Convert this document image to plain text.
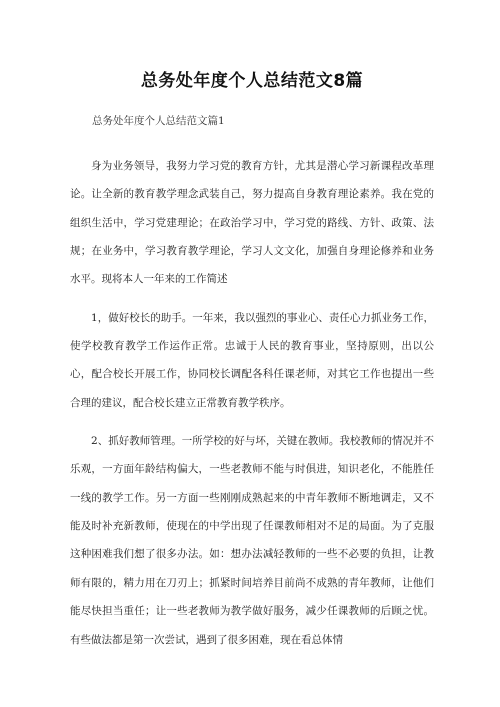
总务处年度个人总结范文8篇
总务处年度个人总结范文篇1

身为业务领导，我努力学习党的教育方针，尤其是潜心学习新课程改革理论。让全新的教育教学理念武装自己，努力提高自身教育理论素养。我在党的组织生活中，学习党建理论；在政治学习中，学习党的路线、方针、政策、法规；在业务中，学习教育教学理论，学习人文文化，加强自身理论修养和业务水平。现将本人一年来的工作简述

1，做好校长的助手。一年来，我以强烈的事业心、责任心力抓业务工作，使学校教育教学工作运作正常。忠诚于人民的教育事业，坚持原则，出以公心，配合校长开展工作，协同校长调配各科任课老师，对其它工作也提出一些合理的建议，配合校长建立正常教育教学秩序。

2、抓好教师管理。一所学校的好与坏，关键在教师。我校教师的情况并不乐观，一方面年龄结构偏大，一些老教师不能与时俱进，知识老化，不能胜任一线的教学工作。另一方面一些刚刚成熟起来的中青年教师不断地调走，又不能及时补充新教师，使现在的中学出现了任课教师相对不足的局面。为了克服这种困难我们想了很多办法。如：想办法减轻教师的一些不必要的负担，让教师有限的，精力用在刀刃上；抓紧时间培养目前尚不成熟的青年教师，让他们能尽快担当重任；让一些老教师为教学做好服务，减少任课教师的后顾之忧。有些做法都是第一次尝试，遇到了很多困难，现在看总体情
